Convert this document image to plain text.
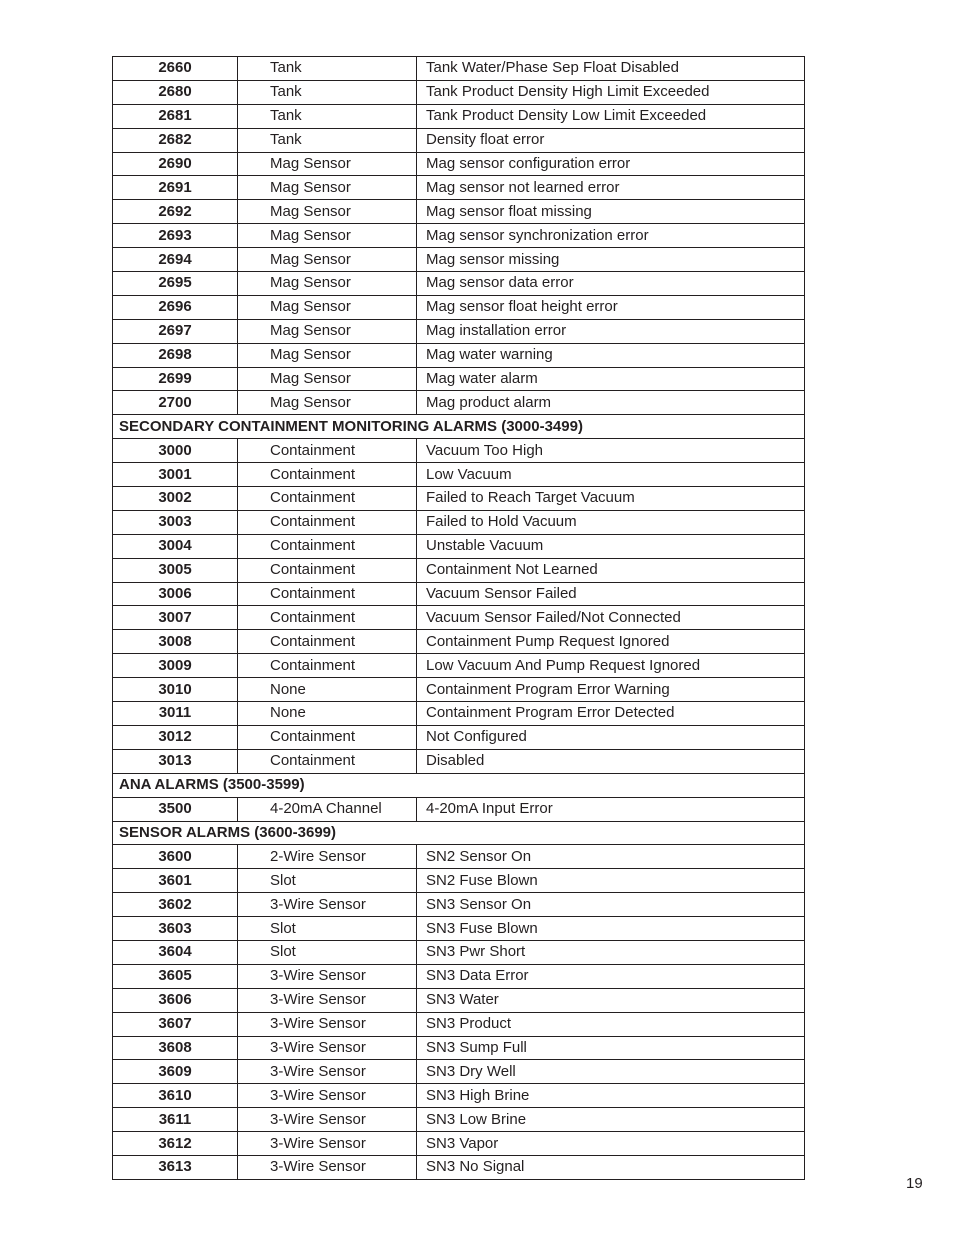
2660	Tank	Tank Water/Phase Sep Float Disabled
2680	Tank	Tank Product Density High Limit Exceeded
2681	Tank	Tank Product Density Low Limit Exceeded
2682	Tank	Density float error
2690	Mag Sensor	Mag sensor configuration error
2691	Mag Sensor	Mag sensor not learned error
2692	Mag Sensor	Mag sensor float missing
2693	Mag Sensor	Mag sensor synchronization error
2694	Mag Sensor	Mag sensor missing
2695	Mag Sensor	Mag sensor data error
2696	Mag Sensor	Mag sensor float height error
2697	Mag Sensor	Mag installation error
2698	Mag Sensor	Mag water warning
2699	Mag Sensor	Mag water alarm
2700	Mag Sensor	Mag product alarm
SECONDARY CONTAINMENT MONITORING ALARMS (3000-3499)		
3000	Containment	Vacuum Too High
3001	Containment	Low Vacuum
3002	Containment	Failed to Reach Target Vacuum
3003	Containment	Failed to Hold Vacuum
3004	Containment	Unstable Vacuum
3005	Containment	Containment Not Learned
3006	Containment	Vacuum Sensor Failed
3007	Containment	Vacuum Sensor Failed/Not Connected
3008	Containment	Containment Pump Request Ignored
3009	Containment	Low Vacuum And Pump Request Ignored
3010	None	Containment Program Error Warning
3011	None	Containment Program Error Detected
3012	Containment	Not Configured
3013	Containment	Disabled
ANA ALARMS (3500-3599)		
3500	4-20mA Channel	4-20mA Input Error
SENSOR ALARMS (3600-3699)		
3600	2-Wire Sensor	SN2 Sensor On
3601	Slot	SN2 Fuse Blown
3602	3-Wire Sensor	SN3 Sensor On
3603	Slot	SN3 Fuse Blown
3604	Slot	SN3 Pwr Short
3605	3-Wire Sensor	SN3 Data Error
3606	3-Wire Sensor	SN3 Water
3607	3-Wire Sensor	SN3 Product
3608	3-Wire Sensor	SN3 Sump Full
3609	3-Wire Sensor	SN3 Dry Well
3610	3-Wire Sensor	SN3 High Brine
3611	3-Wire Sensor	SN3 Low Brine
3612	3-Wire Sensor	SN3 Vapor
3613	3-Wire Sensor	SN3 No Signal
19
